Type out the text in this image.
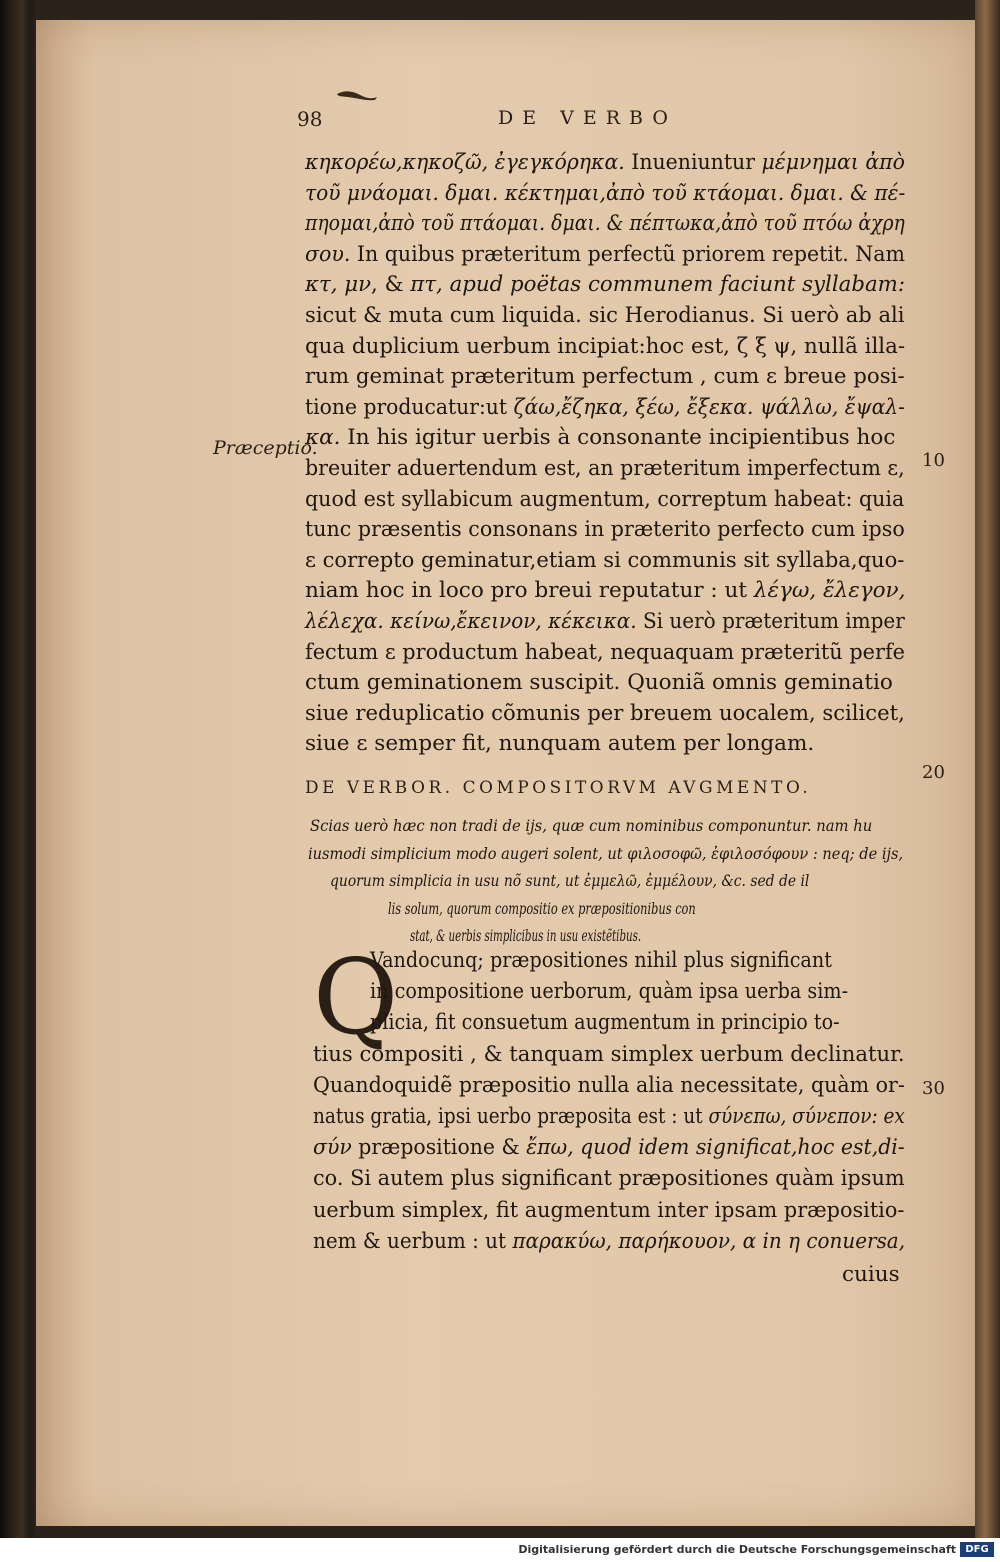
98	DE VERBO
Præceptio.
10
20
30
κηκορέω,κηκοζῶ, ἐγεγκόρηκα. Inueniuntur μέμνημαι ἀπὸ
τοῦ μνάομαι. δμαι. κέκτημαι,ἀπὸ τοῦ κτάομαι. δμαι. & πέ-
πηομαι,ἀπὸ τοῦ πτάομαι. δμαι. & πέπτωκα,ἀπὸ τοῦ πτόω ἀχρη
σου. In quibus præteritum perfectũ priorem repetit. Nam
κτ, μν, & πτ, apud poëtas communem faciunt syllabam:
sicut & muta cum liquida. sic Herodianus. Si uerò ab ali
qua duplicium uerbum incipiat:hoc est, ζ ξ ψ, nullã illa-
rum geminat præteritum perfectum , cum ε breue posi-
tione producatur:ut ζάω,ἔζηκα, ξέω, ἔξεκα. ψάλλω, ἔψαλ-
κα. In his igitur uerbis à consonante incipientibus hoc
breuiter aduertendum est, an præteritum imperfectum ε,
quod est syllabicum augmentum, correptum habeat: quia
tunc præsentis consonans in præterito perfecto cum ipso
ε correpto geminatur,etiam si communis sit syllaba,quo-
niam hoc in loco pro breui reputatur : ut λέγω, ἔλεγον,
λέλεχα. κείνω,ἔκεινον, κέκεικα. Si uerò præteritum imper
fectum ε productum habeat, nequaquam præteritũ perfe
ctum geminationem suscipit. Quoniã omnis geminatio
siue reduplicatio cõmunis per breuem uocalem, scilicet,
siue ε semper fit, nunquam autem per longam.
DE VERBOR. COMPOSITORVM AVGMENTO.
Scias uerò hæc non tradi de ijs, quæ cum nominibus componuntur. nam hu
iusmodi simplicium modo augeri solent, ut φιλοσοφῶ, ἐφιλοσόφουν : neq; de ijs,
quorum simplicia in usu nõ sunt, ut ἐμμελῶ, ἐμμέλουν, &c. sed de il
lis solum, quorum compositio ex præpositionibus con
stat, & uerbis simplicibus in usu existẽtibus.
Q
Vandocunq; præpositiones nihil plus significant
in compositione uerborum, quàm ipsa uerba sim-
plicia, fit consuetum augmentum in principio to-
tius compositi , & tanquam simplex uerbum declinatur.
Quandoquidẽ præpositio nulla alia necessitate, quàm or-
natus gratia, ipsi uerbo præposita est : ut σύνεπω, σύνεπον: ex
σύν præpositione & ἔπω, quod idem significat,hoc est,di-
co. Si autem plus significant præpositiones quàm ipsum
uerbum simplex, fit augmentum inter ipsam præpositio-
nem & uerbum : ut παρακύω, παρήκουον, α in η conuersa,
cuius
Digitalisierung gefördert durch die Deutsche Forschungsgemeinschaft DFG
